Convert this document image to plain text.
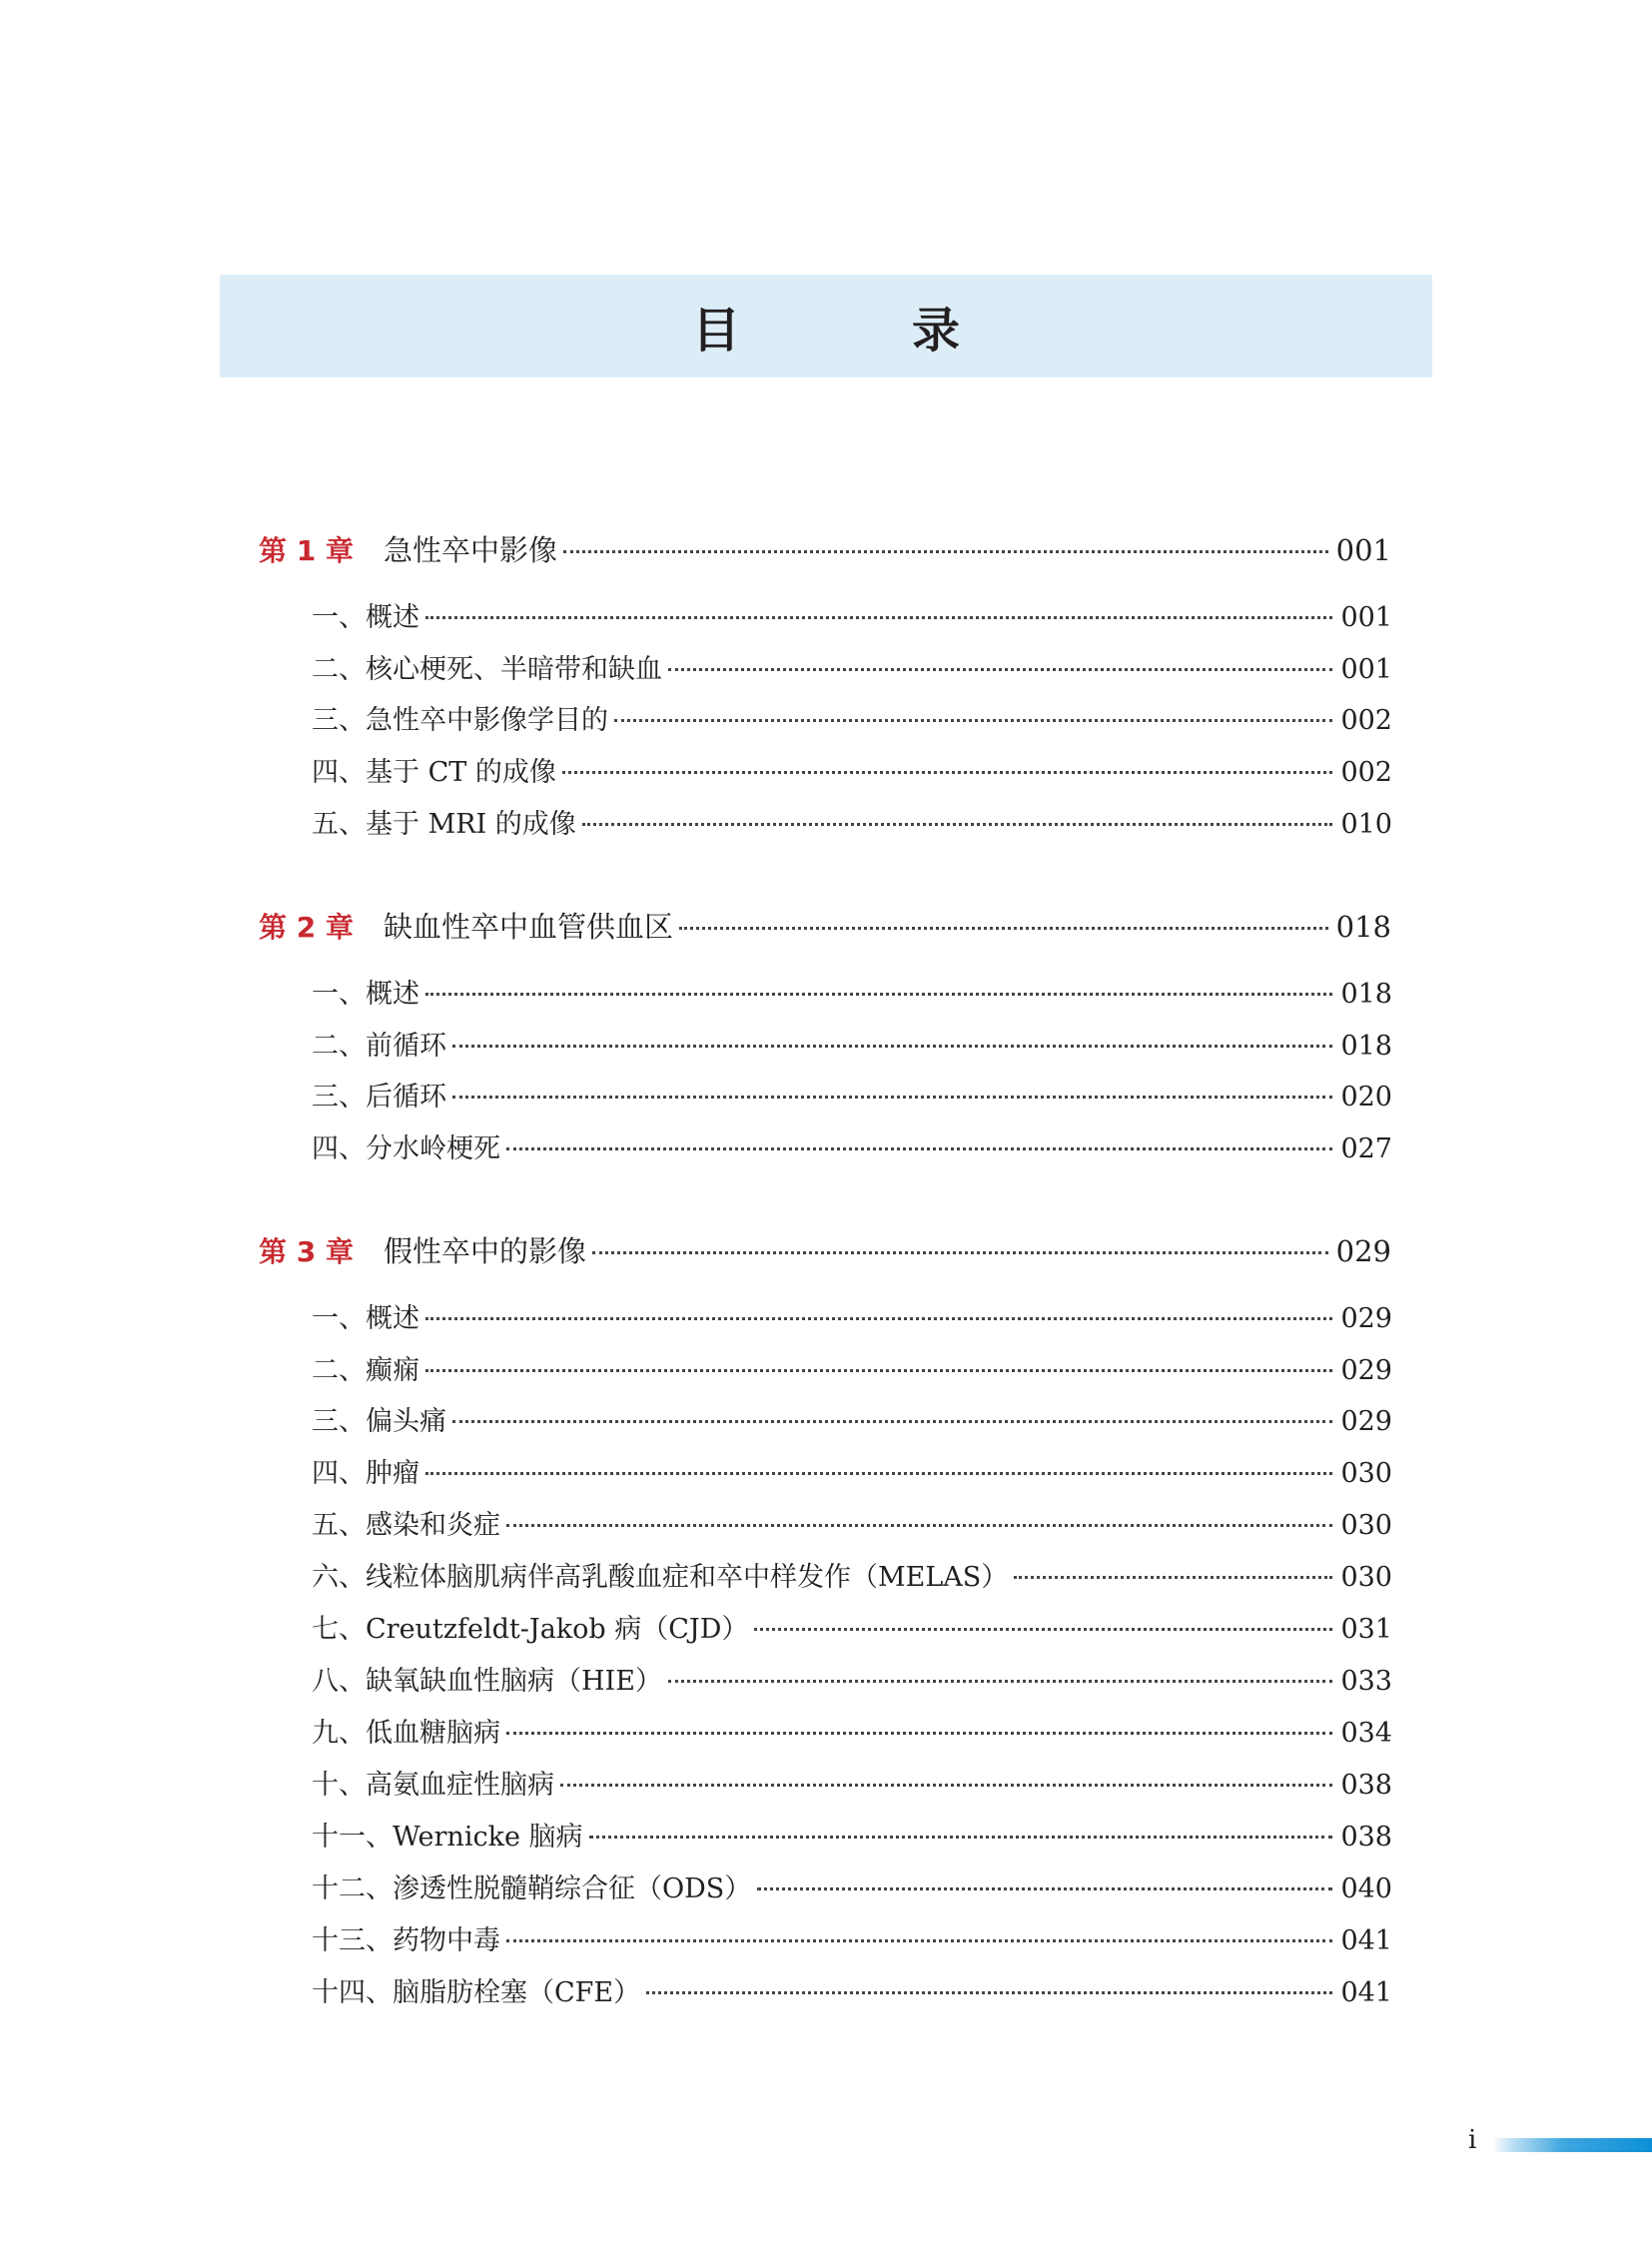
目　录
第 1 章 急性卒中影像	001
一、概述	001
二、核心梗死、半暗带和缺血	001
三、急性卒中影像学目的	002
四、基于 CT 的成像	002
五、基于 MRI 的成像	010
第 2 章 缺血性卒中血管供血区	018
一、概述	018
二、前循环	018
三、后循环	020
四、分水岭梗死	027
第 3 章 假性卒中的影像	029
一、概述	029
二、癫痫	029
三、偏头痛	029
四、肿瘤	030
五、感染和炎症	030
六、线粒体脑肌病伴高乳酸血症和卒中样发作（MELAS）	030
七、Creutzfeldt-Jakob 病（CJD）	031
八、缺氧缺血性脑病（HIE）	033
九、低血糖脑病	034
十、高氨血症性脑病	038
十一、Wernicke 脑病	038
十二、渗透性脱髓鞘综合征（ODS）	040
十三、药物中毒	041
十四、脑脂肪栓塞（CFE）	041
i
